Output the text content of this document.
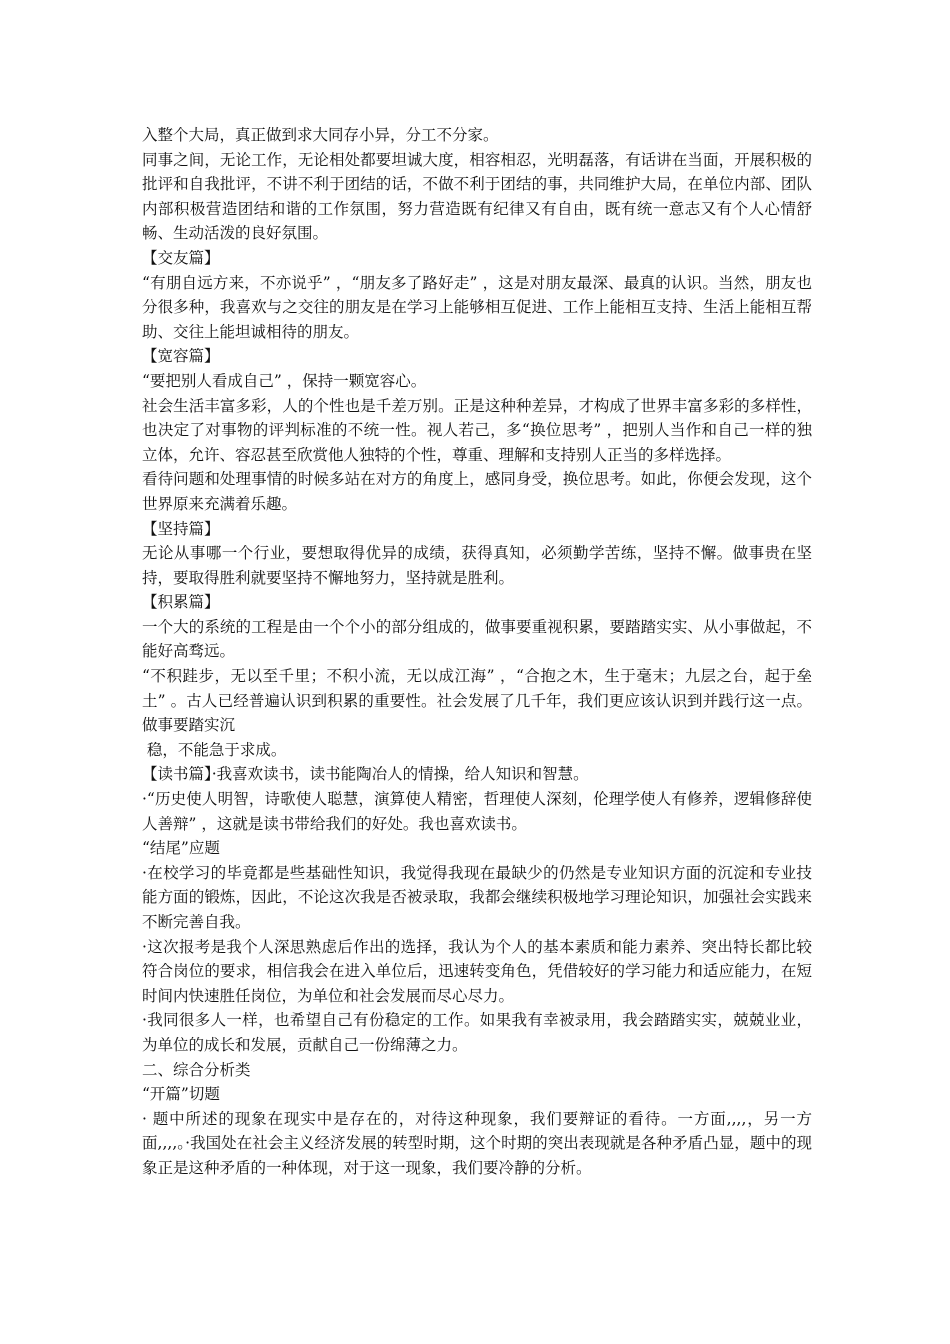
入整个大局，真正做到求大同存小异，分工不分家。

同事之间，无论工作，无论相处都要坦诚大度，相容相忍，光明磊落，有话讲在当面，开展积极的批评和自我批评，不讲不利于团结的话，不做不利于团结的事，共同维护大局，在单位内部、团队内部积极营造团结和谐的工作氛围，努力营造既有纪律又有自由，既有统一意志又有个人心情舒畅、生动活泼的良好氛围。

【交友篇】

“有朋自远方来，不亦说乎” ，“朋友多了路好走” ，这是对朋友最深、最真的认识。当然，朋友也分很多种，我喜欢与之交往的朋友是在学习上能够相互促进、工作上能相互支持、生活上能相互帮助、交往上能坦诚相待的朋友。

【宽容篇】

“要把别人看成自己” ，保持一颗宽容心。

社会生活丰富多彩，人的个性也是千差万别。正是这种种差异，才构成了世界丰富多彩的多样性，也决定了对事物的评判标准的不统一性。视人若己，多“换位思考” ，把别人当作和自己一样的独立体，允许、容忍甚至欣赏他人独特的个性，尊重、理解和支持别人正当的多样选择。

看待问题和处理事情的时候多站在对方的角度上，感同身受，换位思考。如此，你便会发现，这个世界原来充满着乐趣。

【坚持篇】

无论从事哪一个行业，要想取得优异的成绩，获得真知，必须勤学苦练，坚持不懈。做事贵在坚持，要取得胜利就要坚持不懈地努力，坚持就是胜利。

【积累篇】

一个大的系统的工程是由一个个小的部分组成的，做事要重视积累，要踏踏实实、从小事做起，不能好高骛远。

“不积跬步，无以至千里；不积小流，无以成江海” ，“合抱之木，生于毫末；九层之台，起于垒土” 。古人已经普遍认识到积累的重要性。社会发展了几千年，我们更应该认识到并践行这一点。做事要踏实沉

稳，不能急于求成。

【读书篇】·我喜欢读书，读书能陶冶人的情操，给人知识和智慧。

·“历史使人明智，诗歌使人聪慧，演算使人精密，哲理使人深刻，伦理学使人有修养，逻辑修辞使人善辩” ，这就是读书带给我们的好处。我也喜欢读书。

“结尾”应题

·在校学习的毕竟都是些基础性知识，我觉得我现在最缺少的仍然是专业知识方面的沉淀和专业技能方面的锻炼，因此，不论这次我是否被录取，我都会继续积极地学习理论知识，加强社会实践来不断完善自我。

·这次报考是我个人深思熟虑后作出的选择，我认为个人的基本素质和能力素养、突出特长都比较符合岗位的要求，相信我会在进入单位后，迅速转变角色，凭借较好的学习能力和适应能力，在短时间内快速胜任岗位，为单位和社会发展而尽心尽力。

·我同很多人一样，也希望自己有份稳定的工作。如果我有幸被录用，我会踏踏实实，兢兢业业，为单位的成长和发展，贡献自己一份绵薄之力。

二、综合分析类

“开篇”切题

· 题中所述的现象在现实中是存在的，对待这种现象，我们要辩证的看待。一方面,,,,，另一方面,,,,。·我国处在社会主义经济发展的转型时期，这个时期的突出表现就是各种矛盾凸显，题中的现象正是这种矛盾的一种体现，对于这一现象，我们要冷静的分析。
